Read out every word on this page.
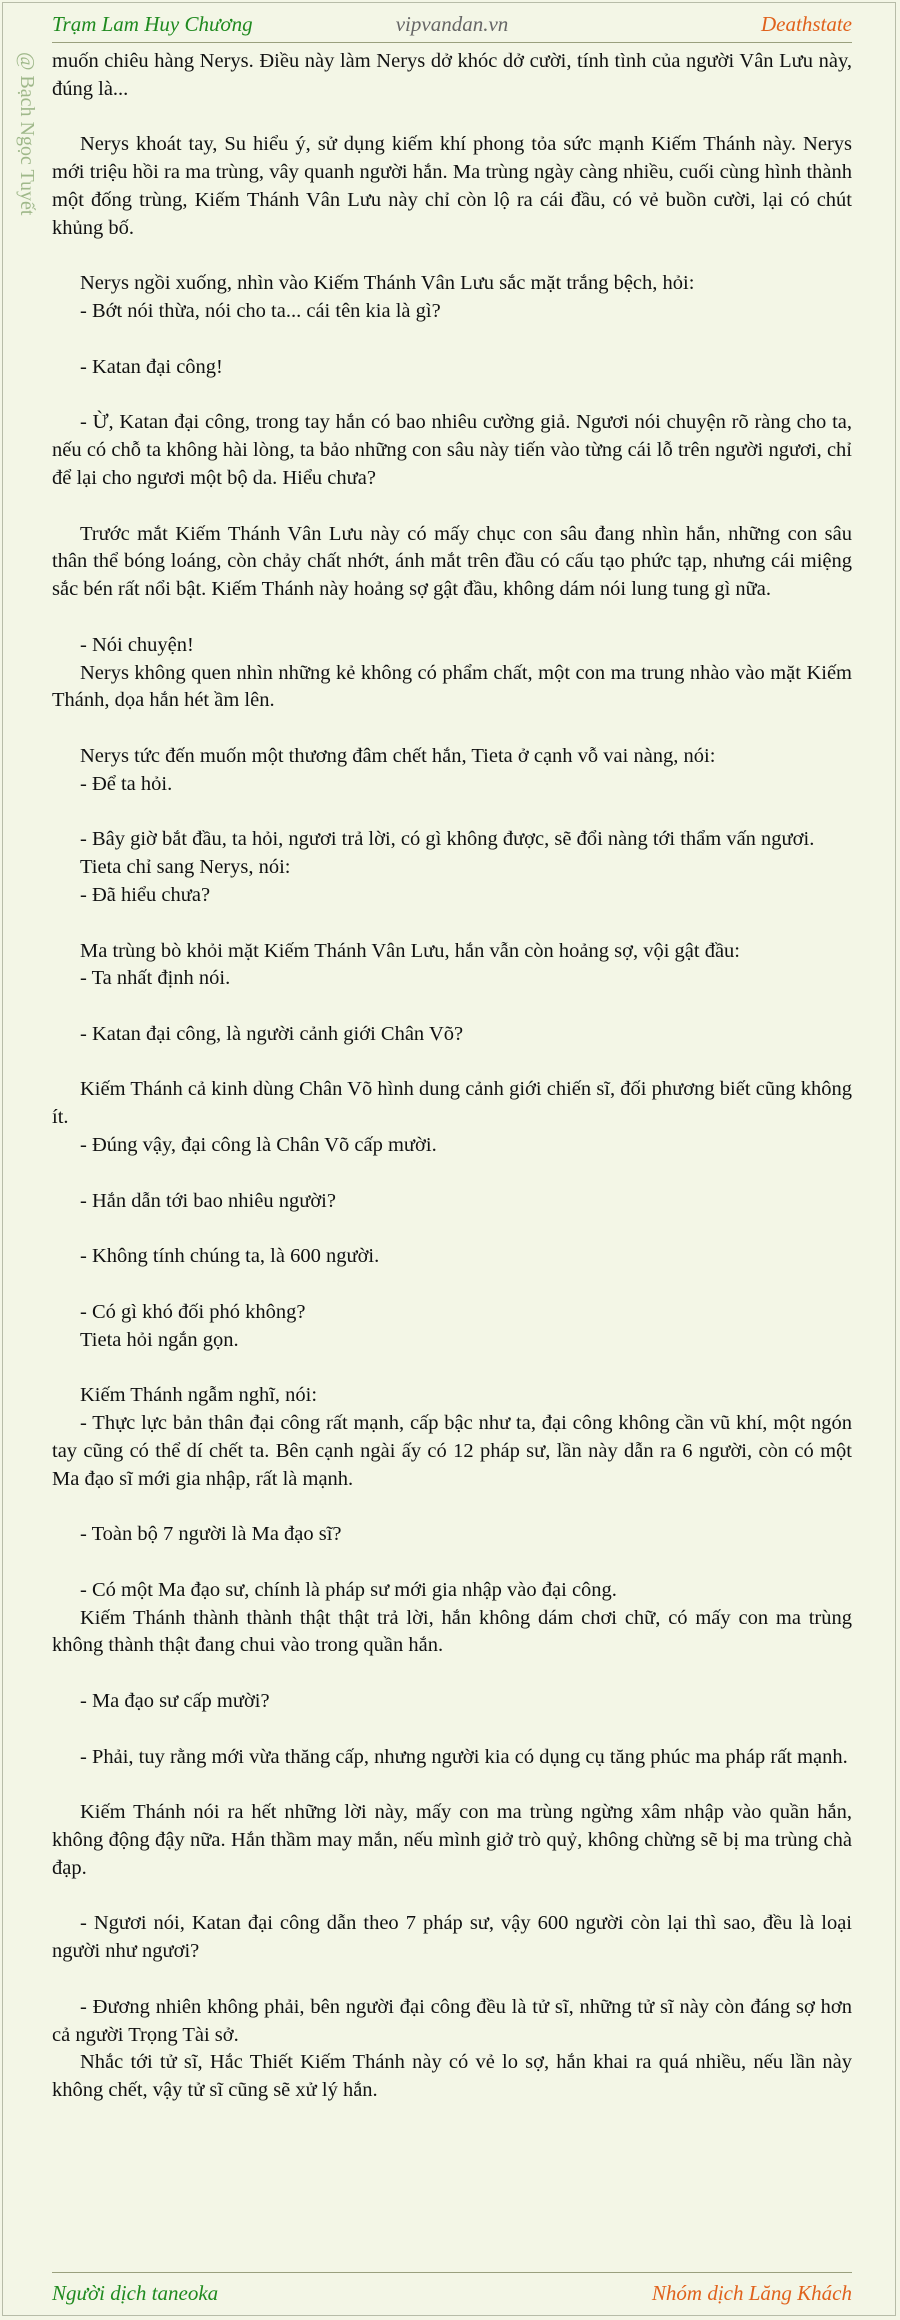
Trạm Lam Huy Chương	vipvandan.vn	Deathstate
@ Bạch Ngọc Tuyết muốn chiêu hàng Nerys. Điều này làm Nerys dở khóc dở cười, tính tình của người Vân Lưu này, đúng là...

Nerys khoát tay, Su hiểu ý, sử dụng kiếm khí phong tỏa sức mạnh Kiếm Thánh này. Nerys mới triệu hồi ra ma trùng, vây quanh người hắn. Ma trùng ngày càng nhiều, cuối cùng hình thành một đống trùng, Kiếm Thánh Vân Lưu này chỉ còn lộ ra cái đầu, có vẻ buồn cười, lại có chút khủng bố.

Nerys ngồi xuống, nhìn vào Kiếm Thánh Vân Lưu sắc mặt trắng bệch, hỏi:

- Bớt nói thừa, nói cho ta... cái tên kia là gì?

- Katan đại công!

- Ừ, Katan đại công, trong tay hắn có bao nhiêu cường giả. Ngươi nói chuyện rõ ràng cho ta, nếu có chỗ ta không hài lòng, ta bảo những con sâu này tiến vào từng cái lỗ trên người ngươi, chỉ để lại cho ngươi một bộ da. Hiểu chưa?

Trước mắt Kiếm Thánh Vân Lưu này có mấy chục con sâu đang nhìn hắn, những con sâu thân thể bóng loáng, còn chảy chất nhớt, ánh mắt trên đầu có cấu tạo phức tạp, nhưng cái miệng sắc bén rất nổi bật. Kiếm Thánh này hoảng sợ gật đầu, không dám nói lung tung gì nữa.

- Nói chuyện!

Nerys không quen nhìn những kẻ không có phẩm chất, một con ma trung nhào vào mặt Kiếm Thánh, dọa hắn hét ầm lên.

Nerys tức đến muốn một thương đâm chết hắn, Tieta ở cạnh vỗ vai nàng, nói:

- Để ta hỏi.

- Bây giờ bắt đầu, ta hỏi, ngươi trả lời, có gì không được, sẽ đổi nàng tới thẩm vấn ngươi.

Tieta chỉ sang Nerys, nói:

- Đã hiểu chưa?

Ma trùng bò khỏi mặt Kiếm Thánh Vân Lưu, hắn vẫn còn hoảng sợ, vội gật đầu:

- Ta nhất định nói.

- Katan đại công, là người cảnh giới Chân Võ?

Kiếm Thánh cả kinh dùng Chân Võ hình dung cảnh giới chiến sĩ, đối phương biết cũng không ít.

- Đúng vậy, đại công là Chân Võ cấp mười.

- Hắn dẫn tới bao nhiêu người?

- Không tính chúng ta, là 600 người.

- Có gì khó đối phó không?

Tieta hỏi ngắn gọn.

Kiếm Thánh ngẫm nghĩ, nói:

- Thực lực bản thân đại công rất mạnh, cấp bậc như ta, đại công không cần vũ khí, một ngón tay cũng có thể dí chết ta. Bên cạnh ngài ấy có 12 pháp sư, lần này dẫn ra 6 người, còn có một Ma đạo sĩ mới gia nhập, rất là mạnh.

- Toàn bộ 7 người là Ma đạo sĩ?

- Có một Ma đạo sư, chính là pháp sư mới gia nhập vào đại công.

Kiếm Thánh thành thành thật thật trả lời, hắn không dám chơi chữ, có mấy con ma trùng không thành thật đang chui vào trong quần hắn.

- Ma đạo sư cấp mười?

- Phải, tuy rằng mới vừa thăng cấp, nhưng người kia có dụng cụ tăng phúc ma pháp rất mạnh.

Kiếm Thánh nói ra hết những lời này, mấy con ma trùng ngừng xâm nhập vào quần hắn, không động đậy nữa. Hắn thầm may mắn, nếu mình giở trò quỷ, không chừng sẽ bị ma trùng chà đạp.

- Ngươi nói, Katan đại công dẫn theo 7 pháp sư, vậy 600 người còn lại thì sao, đều là loại người như ngươi?

- Đương nhiên không phải, bên người đại công đều là tử sĩ, những tử sĩ này còn đáng sợ hơn cả người Trọng Tài sở.

Nhắc tới tử sĩ, Hắc Thiết Kiếm Thánh này có vẻ lo sợ, hắn khai ra quá nhiều, nếu lần này không chết, vậy tử sĩ cũng sẽ xử lý hắn.

Người dịch taneoka	Nhóm dịch Lăng Khách
